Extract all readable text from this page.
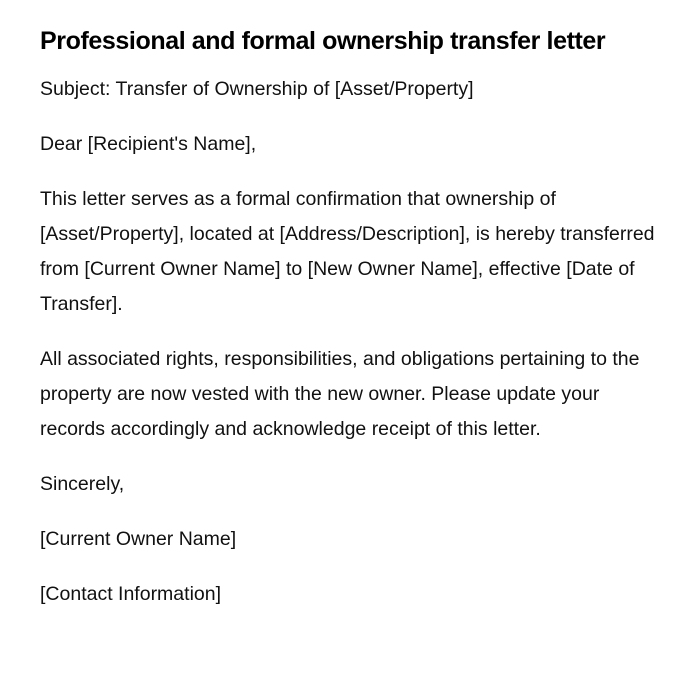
Professional and formal ownership transfer letter

Subject: Transfer of Ownership of [Asset/Property]

Dear [Recipient's Name],

This letter serves as a formal confirmation that ownership of [Asset/Property], located at [Address/Description], is hereby transferred from [Current Owner Name] to [New Owner Name], effective [Date of Transfer].

All associated rights, responsibilities, and obligations pertaining to the property are now vested with the new owner. Please update your records accordingly and acknowledge receipt of this letter.

Sincerely,

[Current Owner Name]

[Contact Information]
